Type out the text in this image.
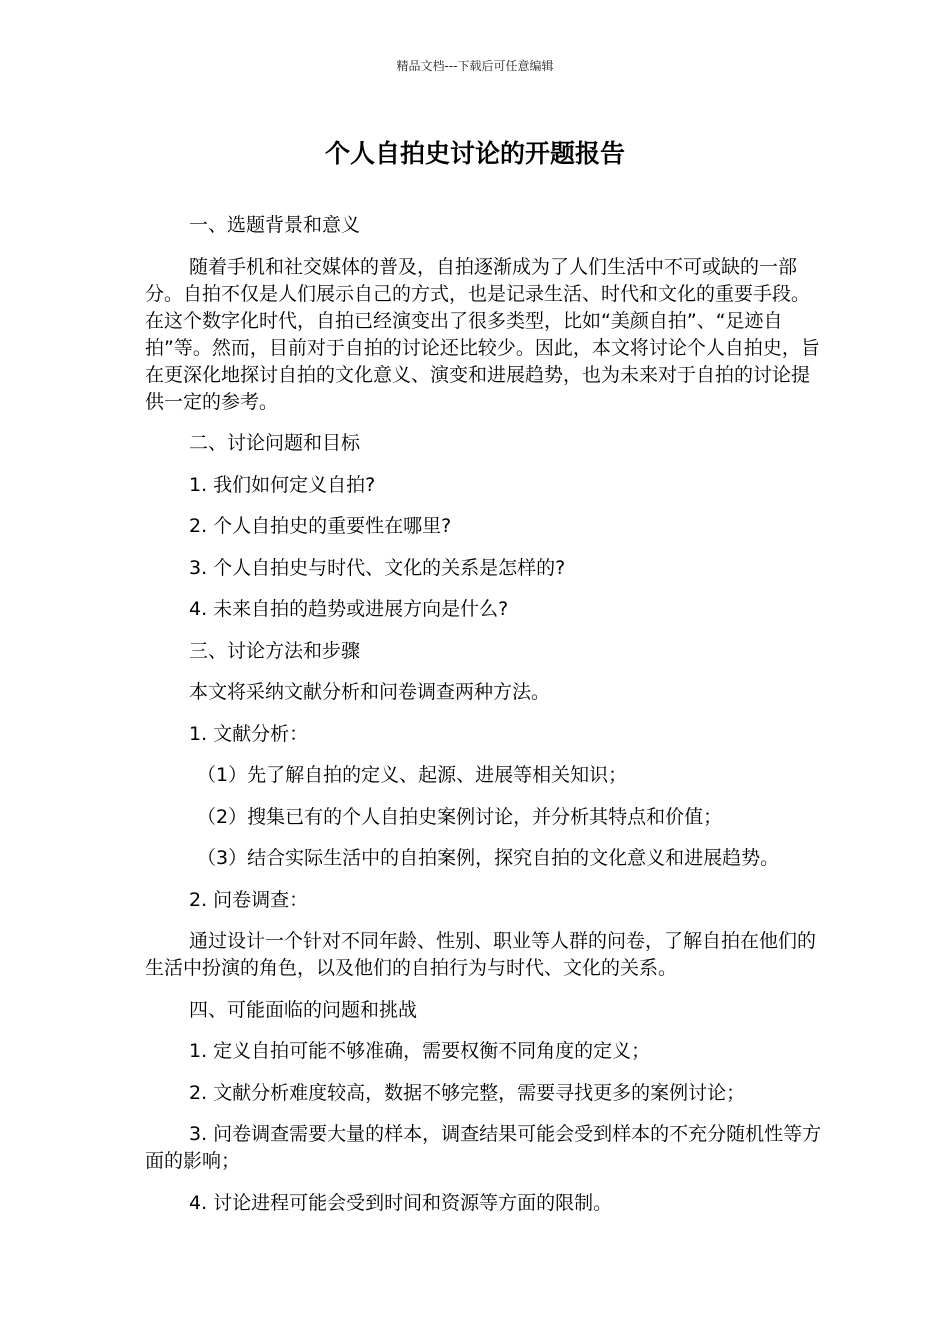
精品文档---下载后可任意编辑
个人自拍史讨论的开题报告

一、选题背景和意义

随着手机和社交媒体的普及，自拍逐渐成为了人们生活中不可或缺的一部分。自拍不仅是人们展示自己的方式，也是记录生活、时代和文化的重要手段。在这个数字化时代，自拍已经演变出了很多类型，比如“美颜自拍”、“足迹自拍”等。然而，目前对于自拍的讨论还比较少。因此，本文将讨论个人自拍史，旨在更深化地探讨自拍的文化意义、演变和进展趋势，也为未来对于自拍的讨论提供一定的参考。

二、讨论问题和目标

1. 我们如何定义自拍?

2. 个人自拍史的重要性在哪里?

3. 个人自拍史与时代、文化的关系是怎样的?

4. 未来自拍的趋势或进展方向是什么?

三、讨论方法和步骤

本文将采纳文献分析和问卷调查两种方法。

1. 文献分析：

（1）先了解自拍的定义、起源、进展等相关知识；

（2）搜集已有的个人自拍史案例讨论，并分析其特点和价值；

（3）结合实际生活中的自拍案例，探究自拍的文化意义和进展趋势。

2. 问卷调查：

通过设计一个针对不同年龄、性别、职业等人群的问卷，了解自拍在他们的生活中扮演的角色，以及他们的自拍行为与时代、文化的关系。

四、可能面临的问题和挑战

1. 定义自拍可能不够准确，需要权衡不同角度的定义；

2. 文献分析难度较高，数据不够完整，需要寻找更多的案例讨论；

3. 问卷调查需要大量的样本，调查结果可能会受到样本的不充分随机性等方面的影响；

4. 讨论进程可能会受到时间和资源等方面的限制。
